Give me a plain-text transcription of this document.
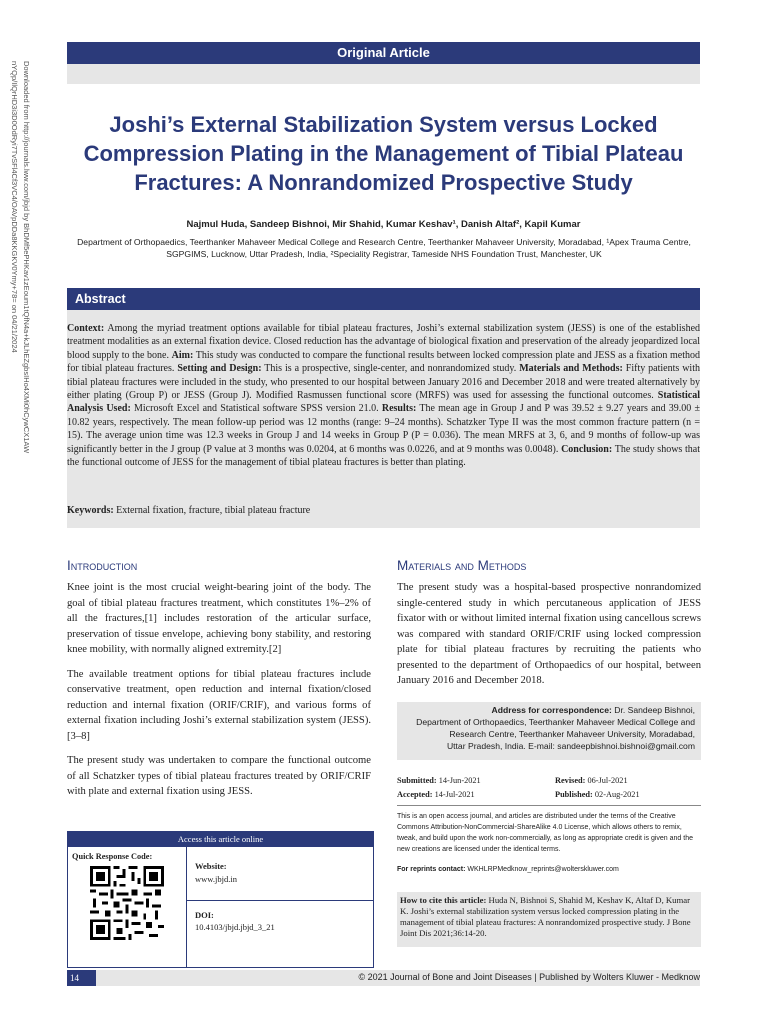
Downloaded from http://journals.lww.com/jbjd by BhDMf5ePHKav1zEoum1tQfN4a+kJLhEZgbsIHo4XMi0hCywCX1AW
nYQp/IlQrHD3i3D0OdRyi7TvSFl4Cf3VC4/OAVpDDa8KKGKV0Ymy+78= on 04/21/2024
Original Article
Joshi’s External Stabilization System versus Locked Compression Plating in the Management of Tibial Plateau Fractures: A Nonrandomized Prospective Study
Najmul Huda, Sandeep Bishnoi, Mir Shahid, Kumar Keshav¹, Danish Altaf², Kapil Kumar
Department of Orthopaedics, Teerthanker Mahaveer Medical College and Research Centre, Teerthanker Mahaveer University, Moradabad, ¹Apex Trauma Centre, SGPGIMS, Lucknow, Uttar Pradesh, India, ²Speciality Registrar, Tameside NHS Foundation Trust, Manchester, UK
Abstract
Context: Among the myriad treatment options available for tibial plateau fractures, Joshi’s external stabilization system (JESS) is one of the established treatment modalities as an external fixation device. Closed reduction has the advantage of biological fixation and preservation of the already jeopardized local blood supply to the bone. Aim: This study was conducted to compare the functional results between locked compression plate and JESS as a fixation method for tibial plateau fractures. Setting and Design: This is a prospective, single-center, and nonrandomized study. Materials and Methods: Fifty patients with tibial plateau fractures were included in the study, who presented to our hospital between January 2016 and December 2018 and were treated alternatively by either plating (Group P) or JESS (Group J). Modified Rasmussen functional score (MRFS) was used for assessing the functional outcomes. Statistical Analysis Used: Microsoft Excel and Statistical software SPSS version 21.0. Results: The mean age in Group J and P was 39.52 ± 9.27 years and 39.00 ± 10.82 years, respectively. The mean follow-up period was 12 months (range: 9–24 months). Schatzker Type II was the most common fracture pattern (n = 15). The average union time was 12.3 weeks in Group J and 14 weeks in Group P (P = 0.036). The mean MRFS at 3, 6, and 9 months of follow-up was significantly better in the J group (P value at 3 months was 0.0204, at 6 months was 0.0226, and at 9 months was 0.0048). Conclusion: The study shows that the functional outcome of JESS for the management of tibial plateau fractures is better than plating.
Keywords: External fixation, fracture, tibial plateau fracture
Introduction	Materials and Methods

Knee joint is the most crucial weight-bearing joint of the body. The goal of tibial plateau fractures treatment, which constitutes 1%–2% of all the fractures,[1] includes restoration of the articular surface, preservation of tissue envelope, achieving bony stability, and restoring knee mobility, with normally aligned extremity.[2]

The available treatment options for tibial plateau fractures include conservative treatment, open reduction and internal fixation/closed reduction and internal fixation (ORIF/CRIF), and various forms of external fixation including Joshi’s external stabilization system (JESS).[3–8]

The present study was undertaken to compare the functional outcome of all Schatzker types of tibial plateau fractures treated by ORIF/CRIF with plate and external fixation using JESS.

The present study was a hospital-based prospective nonrandomized single-centered study in which percutaneous application of JESS fixator with or without limited internal fixation using cancellous screws was compared with standard ORIF/CRIF using locked compression plate for tibial plateau fractures by recruiting the patients who presented to the department of Orthopaedics of our hospital, between January 2016 and December 2018.

Access this article online
Quick Response Code:
Website:
www.jbjd.in
DOI:
10.4103/jbjd.jbjd_3_21
Address for correspondence: Dr. Sandeep Bishnoi,
Department of Orthopaedics, Teerthanker Mahaveer Medical College and
Research Centre, Teerthanker Mahaveer University, Moradabad,
Uttar Pradesh, India. E-mail: sandeepbishnoi.bishnoi@gmail.com
Submitted: 14-Jun-2021	Revised: 06-Jul-2021
Accepted: 14-Jul-2021	Published: 02-Aug-2021
This is an open access journal, and articles are distributed under the terms of the Creative Commons Attribution-NonCommercial-ShareAlike 4.0 License, which allows others to remix, tweak, and build upon the work non-commercially, as long as appropriate credit is given and the new creations are licensed under the identical terms.
For reprints contact: WKHLRPMedknow_reprints@wolterskluwer.com
How to cite this article: Huda N, Bishnoi S, Shahid M, Keshav K, Altaf D, Kumar K. Joshi’s external stabilization system versus locked compression plating in the management of tibial plateau fractures: A nonrandomized prospective study. J Bone Joint Dis 2021;36:14-20.
14	© 2021 Journal of Bone and Joint Diseases | Published by Wolters Kluwer - Medknow
